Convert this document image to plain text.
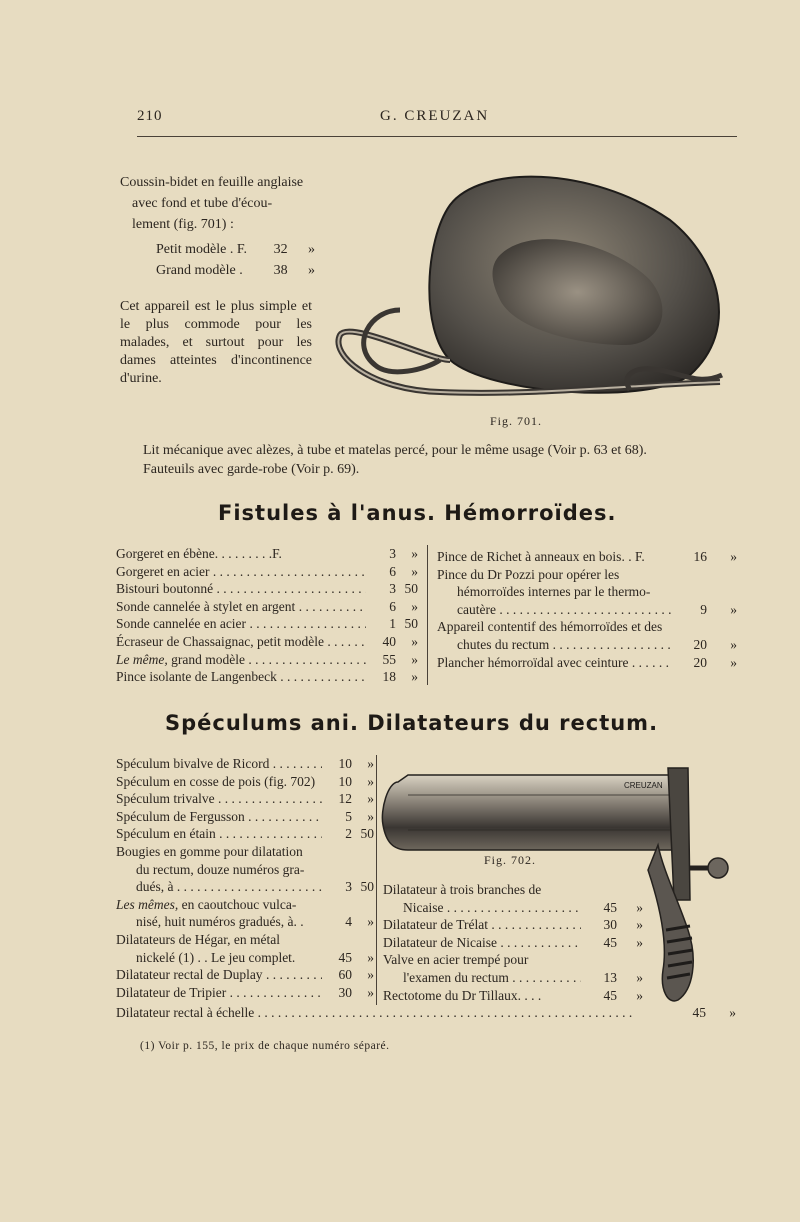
210	G. CREUZAN
Coussin-bidet en feuille anglaise
avec fond et tube d'écou-
lement (fig. 701) :
Petit modèle . F.	32	»
Grand modèle .	38	»
Cet appareil est le plus simple et le plus commode pour les malades, et surtout pour les dames atteintes d'incontinence d'urine.
Fig. 701.
Lit mécanique avec alèzes, à tube et matelas percé, pour le même usage (Voir p. 63 et 68).
Fauteuils avec garde-robe (Voir p. 69).
Fistules à l'anus. Hémorroïdes.
Gorgeret en ébène. . . . . . . . .F.	3	»
Gorgeret en acier . . .	6	»
Bistouri boutonné . . .	3 50
Sonde cannelée à stylet en argent . . .	6	»
Sonde cannelée en acier . . .	1 50
Écraseur de Chassaignac, petit modèle . . .	40	»
Le même, grand modèle . . .	55	»
Pince isolante de Langenbeck . . .	18	»
Pince de Richet à anneaux en bois. . F.	16	»
Pince du Dr Pozzi pour opérer les
hémorroïdes internes par le thermo-
cautère . . .	9	»
Appareil contentif des hémorroïdes et des
chutes du rectum . . .	20	»
Plancher hémorroïdal avec ceinture . . .	20	»
Spéculums ani. Dilatateurs du rectum.
Spéculum bivalve de Ricord . . .	10	»
Spéculum en cosse de pois (fig. 702)	10	»
Spéculum trivalve . . .	12	»
Spéculum de Fergusson . . .	5	»
Spéculum en étain . . .	2 50
Bougies en gomme pour dilatation
du rectum, douze numéros gra-
dués, à . . .	3 50
Les mêmes, en caoutchouc vulca-
nisé, huit numéros gradués, à. .	4	»
Dilatateurs de Hégar, en métal
nickelé (1) . . Le jeu complet.	45	»
Dilatateur rectal de Duplay . . .	60	»
Dilatateur de Tripier . . .	30	»
CREUZAN
Fig. 702.
Dilatateur à trois branches de
Nicaise . . .	45	»
Dilatateur de Trélat . . .	30	»
Dilatateur de Nicaise . . .	45	»
Valve en acier trempé pour
l'examen du rectum . . .	13	»
Rectotome du Dr Tillaux. . . .	45	»
Dilatateur rectal à échelle . . .	45	»
(1) Voir p. 155, le prix de chaque numéro séparé.
